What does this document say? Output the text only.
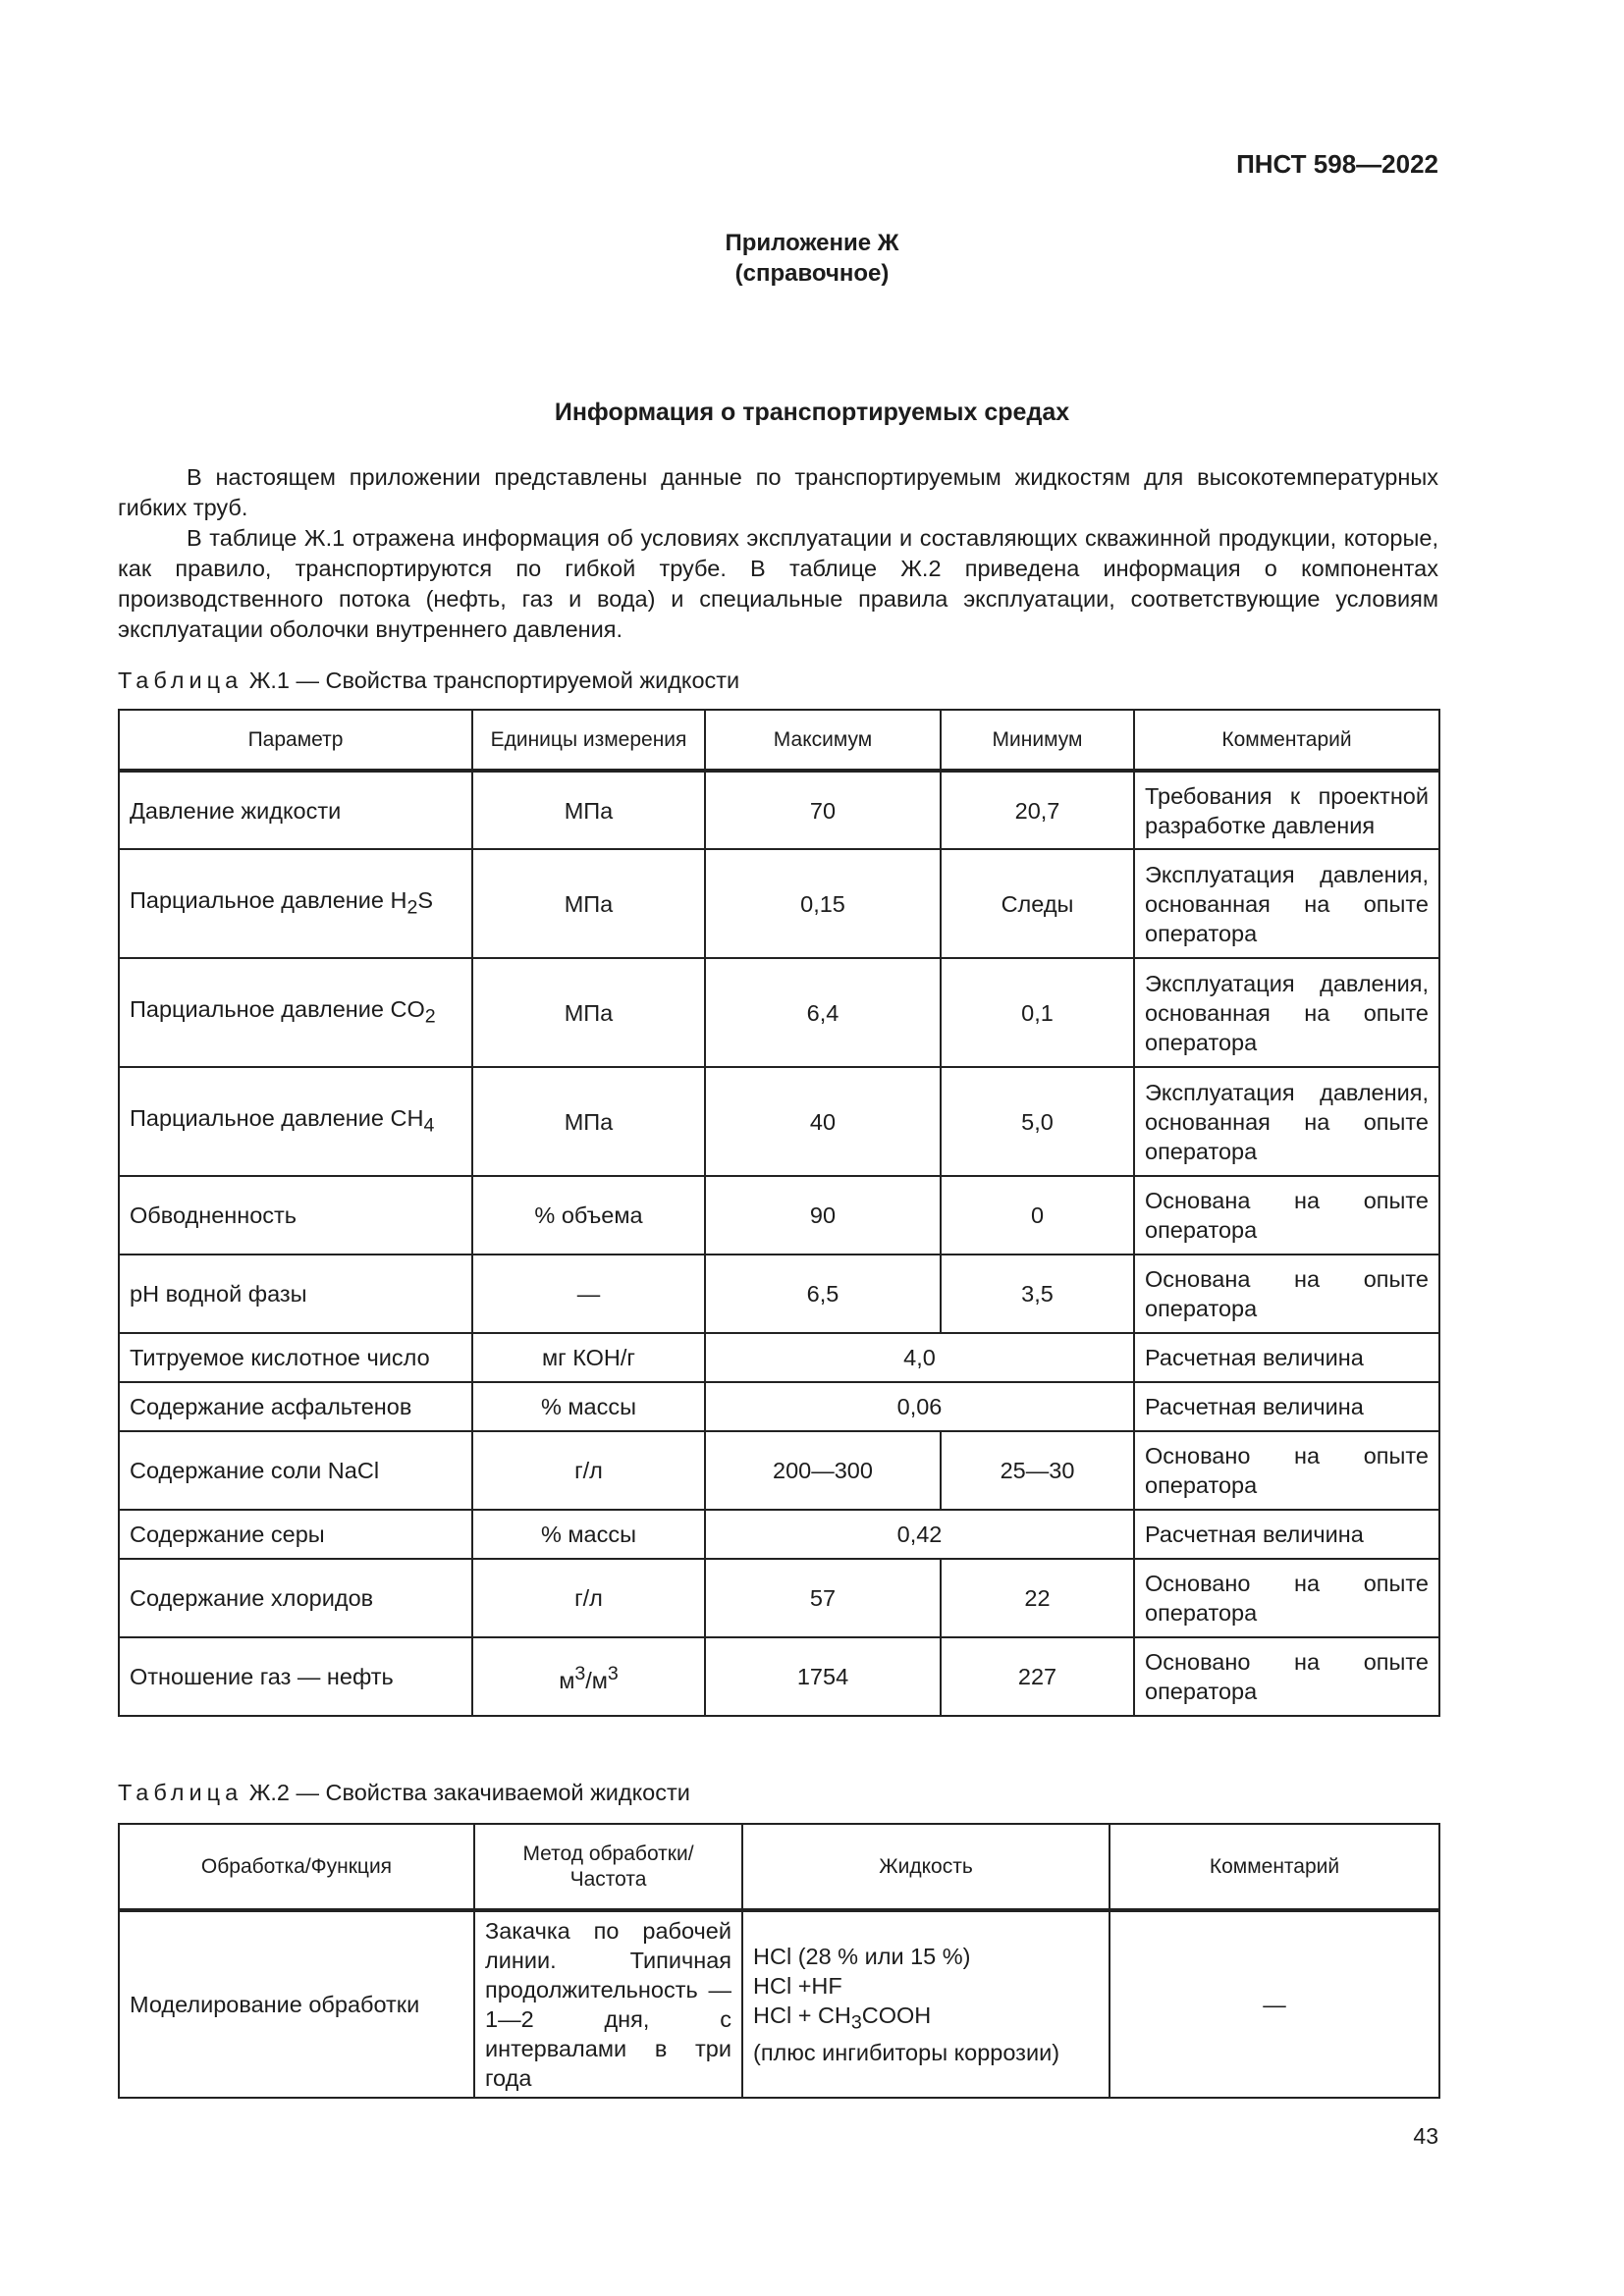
ПНСТ 598—2022
Приложение Ж
(справочное)
Информация о транспортируемых средах

В настоящем приложении представлены данные по транспортируемым жидкостям для высокотемпературных гибких труб.

В таблице Ж.1 отражена информация об условиях эксплуатации и составляющих скважинной продукции, которые, как правило, транспортируются по гибкой трубе. В таблице Ж.2 приведена информация о компонентах производственного потока (нефть, газ и вода) и специальные правила эксплуатации, соответствующие условиям эксплуатации оболочки внутреннего давления.

Таблица Ж.1 — Свойства транспортируемой жидкости
Параметр	Единицы измерения	Максимум	Минимум	Комментарий
Давление жидкости	МПа	70	20,7	Требования к проектной разработке давления
Парциальное давление $H_2S$	МПа	0,15	Следы	Эксплуатация давления, основанная на опыте оператора
Парциальное давление $CO_2$	МПа	6,4	0,1	Эксплуатация давления, основанная на опыте оператора
Парциальное давление $CH_4$	МПа	40	5,0	Эксплуатация давления, основанная на опыте оператора
Обводненность	% объема	90	0	Основана на опыте оператора
pH водной фазы	—	6,5	3,5	Основана на опыте оператора
Титруемое кислотное число	мг КОН/г	4,0		Расчетная величина
Содержание асфальтенов	% массы	0,06		Расчетная величина
Содержание соли NaCl	г/л	200—300	25—30	Основано на опыте оператора
Содержание серы	% массы	0,42		Расчетная величина
Содержание хлоридов	г/л	57	22	Основано на опыте оператора
Отношение газ — нефть	$м^3/м^3$	1754	227	Основано на опыте оператора
Таблица Ж.2 — Свойства закачиваемой жидкости
Обработка/Функция	Метод обработки/ Частота	Жидкость	Комментарий
Моделирование обработки	Закачка по рабочей линии. Типичная продолжительность — 1—2 дня, с интервалами в три года	HCl (28 % или 15 %)
HCl +HF
HCl + $CH_3COOH$
(плюс ингибиторы коррозии)	—
43
